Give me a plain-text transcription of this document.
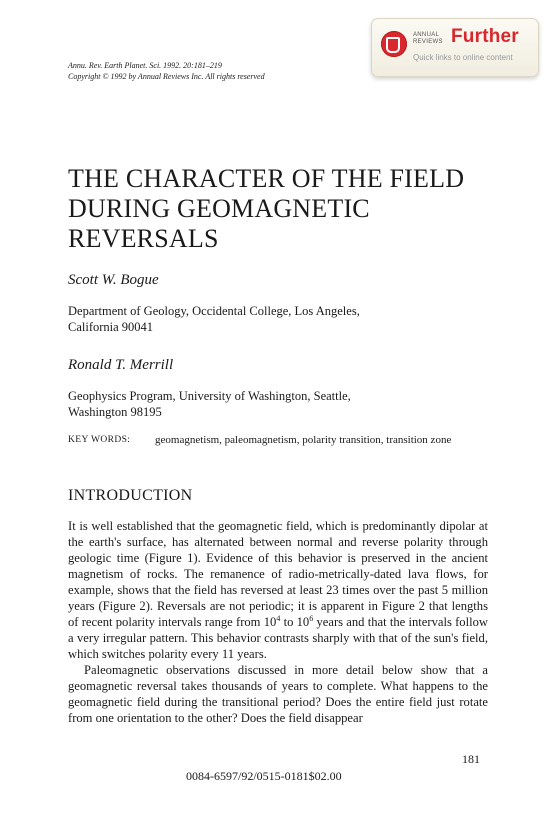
Annu. Rev. Earth Planet. Sci. 1992. 20:181–219
Copyright © 1992 by Annual Reviews Inc. All rights reserved
ANNUAL
REVIEWS Further
Quick links to online content
THE CHARACTER OF THE FIELD
DURING GEOMAGNETIC
REVERSALS
Scott W. Bogue
Department of Geology, Occidental College, Los Angeles,
California 90041
Ronald T. Merrill
Geophysics Program, University of Washington, Seattle,
Washington 98195
KEY WORDS: geomagnetism, paleomagnetism, polarity transition, transition zone
INTRODUCTION

It is well established that the geomagnetic field, which is predominantly dipolar at the earth's surface, has alternated between normal and reverse polarity through geologic time (Figure 1). Evidence of this behavior is preserved in the ancient magnetism of rocks. The remanence of radio-metrically-dated lava flows, for example, shows that the field has reversed at least 23 times over the past 5 million years (Figure 2). Reversals are not periodic; it is apparent in Figure 2 that lengths of recent polarity intervals range from $10^4$ to $10^6$ years and that the intervals follow a very irregular pattern. This behavior contrasts sharply with that of the sun's field, which switches polarity every 11 years.

Paleomagnetic observations discussed in more detail below show that a geomagnetic reversal takes thousands of years to complete. What happens to the geomagnetic field during the transitional period? Does the entire field just rotate from one orientation to the other? Does the field disappear

181
0084-6597/92/0515-0181$02.00
